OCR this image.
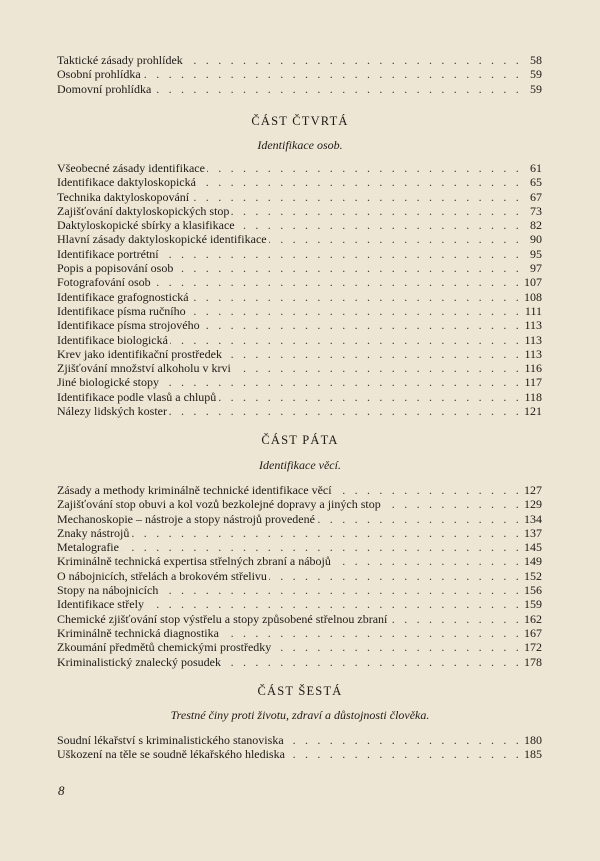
. . .
Taktické zásady prohlídek	58
. . .
Osobní prohlídka	59
. . .
Domovní prohlídka	59
ČÁST ČTVRTÁ
Identifikace osob.
. . .
Všeobecné zásady identifikace	61
. . .
Identifikace daktyloskopická	65
. . .
Technika daktyloskopování	67
. . .
Zajišťování daktyloskopických stop	73
. . .
Daktyloskopické sbírky a klasifikace	82
. . .
Hlavní zásady daktyloskopické identifikace	90
. . .
Identifikace portrétní	95
. . .
Popis a popisování osob	97
. . .
Fotografování osob	107
. . .
Identifikace grafognostická	108
. . .
Identifikace písma ručního	111
. . .
Identifikace písma strojového	113
. . .
Identifikace biologická	113
. . .
Krev jako identifikační prostředek	113
. . .
Zjišťování množství alkoholu v krvi	116
. . .
Jiné biologické stopy	117
. . .
Identifikace podle vlasů a chlupů	118
. . .
Nálezy lidských koster	121
ČÁST PÁTA
Identifikace věcí.
. . .
Zásady a methody kriminálně technické identifikace věcí	127
. . .
Zajišťování stop obuvi a kol vozů bezkolejné dopravy a jiných stop	129
. . .
Mechanoskopie – nástroje a stopy nástrojů provedené	134
. . .
Znaky nástrojů	137
. . .
Metalografie	145
. . .
Kriminálně technická expertisa střelných zbraní a nábojů	149
. . .
O nábojnicích, střelách a brokovém střelivu	152
. . .
Stopy na nábojnicích	156
. . .
Identifikace střely	159
. . .
Chemické zjišťování stop výstřelu a stopy způsobené střelnou zbraní	162
. . .
Kriminálně technická diagnostika	167
. . .
Zkoumání předmětů chemickými prostředky	172
. . .
Kriminalistický znalecký posudek	178
ČÁST ŠESTÁ
Trestné činy proti životu, zdraví a důstojnosti člověka.
. . .
Soudní lékařství s kriminalistického stanoviska	180
. . .
Uškození na těle se soudně lékařského hlediska	185
8
